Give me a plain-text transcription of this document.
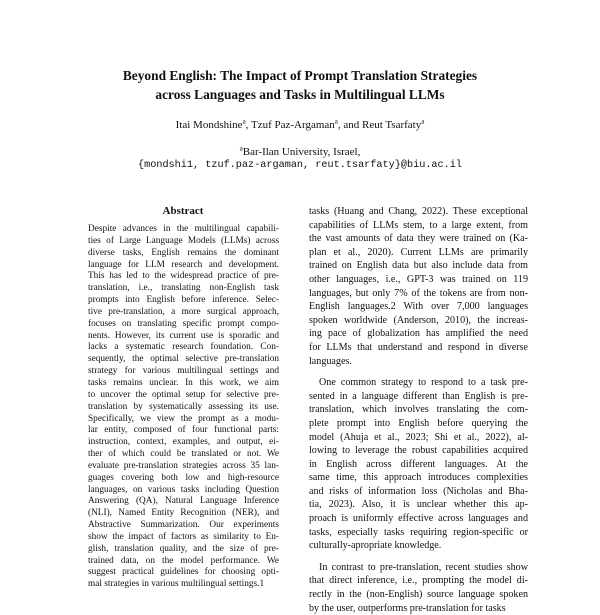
Beyond English: The Impact of Prompt Translation Strategies
across Languages and Tasks in Multilingual LLMs
Itai Mondshine$^a$, Tzuf Paz-Argaman$^a$, and Reut Tsarfaty$^a$
$^a$Bar-Ilan University, Israel,
{mondshi1, tzuf.paz-argaman, reut.tsarfaty}@biu.ac.il
Abstract
Despite advances in the multilingual capabili-
ties of Large Language Models (LLMs) across
diverse tasks, English remains the dominant
language for LLM research and development.
This has led to the widespread practice of pre-
translation, i.e., translating non-English task
prompts into English before inference. Selec-
tive pre-translation, a more surgical approach,
focuses on translating specific prompt compo-
nents. However, its current use is sporadic and
lacks a systematic research foundation. Con-
sequently, the optimal selective pre-translation
strategy for various multilingual settings and
tasks remains unclear. In this work, we aim
to uncover the optimal setup for selective pre-
translation by systematically assessing its use.
Specifically, we view the prompt as a modu-
lar entity, composed of four functional parts:
instruction, context, examples, and output, ei-
ther of which could be translated or not. We
evaluate pre-translation strategies across 35 lan-
guages covering both low and high-resource
languages, on various tasks including Question
Answering (QA), Natural Language Inference
(NLI), Named Entity Recognition (NER), and
Abstractive Summarization. Our experiments
show the impact of factors as similarity to En-
glish, translation quality, and the size of pre-
trained data, on the model performance. We
suggest practical guidelines for choosing opti-
mal strategies in various multilingual settings.1
tasks (Huang and Chang, 2022). These exceptional
capabilities of LLMs stem, to a large extent, from
the vast amounts of data they were trained on (Ka-
plan et al., 2020). Current LLMs are primarily
trained on English data but also include data from
other languages, i.e., GPT-3 was trained on 119
languages, but only 7% of the tokens are from non-
English languages.2 With over 7,000 languages
spoken worldwide (Anderson, 2010), the increas-
ing pace of globalization has amplified the need
for LLMs that understand and respond in diverse
languages.
One common strategy to respond to a task pre-
sented in a language different than English is pre-
translation, which involves translating the com-
plete prompt into English before querying the
model (Ahuja et al., 2023; Shi et al., 2022), al-
lowing to leverage the robust capabilities acquired
in English across different languages. At the
same time, this approach introduces complexities
and risks of information loss (Nicholas and Bha-
tia, 2023). Also, it is unclear whether this ap-
proach is uniformly effective across languages and
tasks, especially tasks requiring region-specific or
culturally-apropriate knowledge.
In contrast to pre-translation, recent studies show
that direct inference, i.e., prompting the model di-
rectly in the (non-English) source language spoken
by the user, outperforms pre-translation for tasks
